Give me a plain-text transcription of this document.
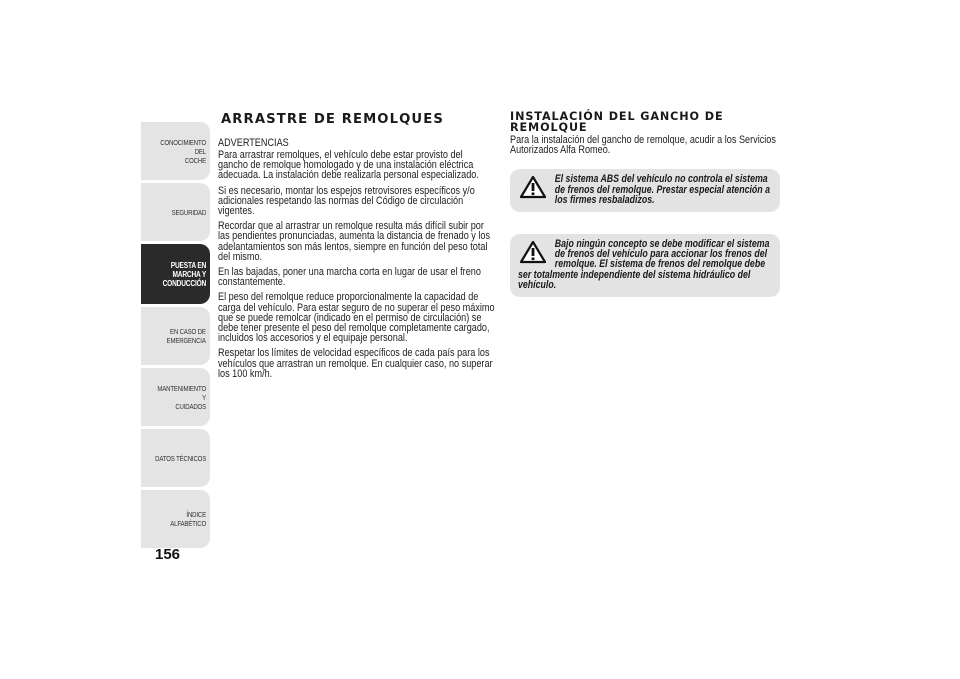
CONOCIMIENTO DEL
COCHE
SEGURIDAD
PUESTA EN
MARCHA Y
CONDUCCIÓN
EN CASO DE
EMERGENCIA
MANTENIMIENTO Y
CUIDADOS
DATOS TÉCNICOS
ÍNDICE ALFABÉTICO
156
ARRASTRE DE REMOLQUES
ADVERTENCIAS

Para arrastrar remolques, el vehículo debe estar provisto del gancho de remolque homologado y de una instalación eléctrica adecuada. La instalación debe realizarla personal especializado.

Si es necesario, montar los espejos retrovisores específicos y/o adicionales respetando las normas del Código de circulación vigentes.

Recordar que al arrastrar un remolque resulta más difícil subir por las pendientes pronunciadas, aumenta la distancia de frenado y los adelantamientos son más lentos, siempre en función del peso total del mismo.

En las bajadas, poner una marcha corta en lugar de usar el freno constantemente.

El peso del remolque reduce proporcionalmente la capacidad de carga del vehículo. Para estar seguro de no superar el peso máximo que se puede remolcar (indicado en el permiso de circulación) se debe tener presente el peso del remolque completamente cargado, incluidos los accesorios y el equipaje personal.

Respetar los límites de velocidad específicos de cada país para los vehículos que arrastran un remolque. En cualquier caso, no superar los 100 km/h.

INSTALACIÓN DEL GANCHO DE REMOLQUE

Para la instalación del gancho de remolque, acudir a los Servicios Autorizados Alfa Romeo.

El sistema ABS del vehículo no controla el sistema de frenos del remolque. Prestar especial atención a los firmes resbaladizos.
Bajo ningún concepto se debe modificar el sistema de frenos del vehículo para accionar los frenos del remolque. El sistema de frenos del remolque debe ser totalmente independiente del sistema hidráulico del vehículo.
